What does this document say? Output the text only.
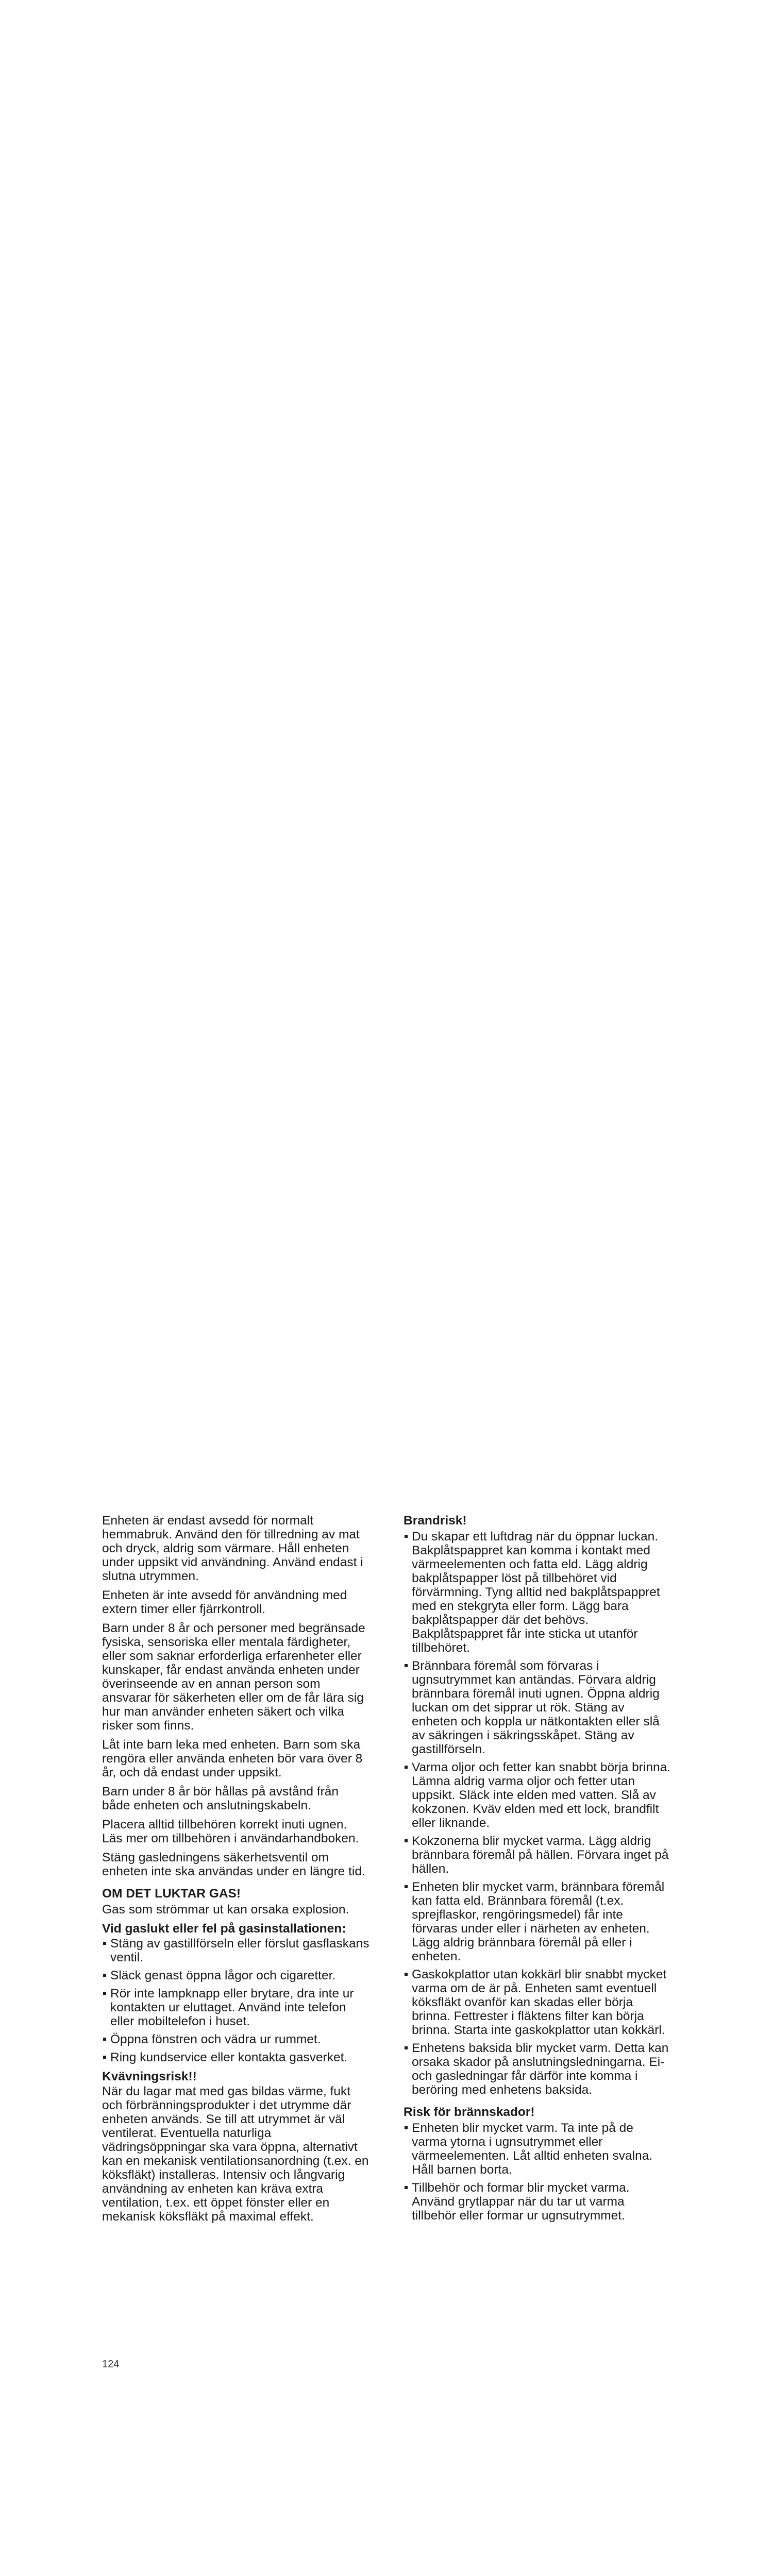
Enheten är endast avsedd för normalt hemmabruk. Använd den för tillredning av mat och dryck, aldrig som värmare. Håll enheten under uppsikt vid användning. Använd endast i slutna utrymmen.

Enheten är inte avsedd för användning med extern timer eller fjärrkontroll.

Barn under 8 år och personer med begränsade fysiska, sensoriska eller mentala färdigheter, eller som saknar erforderliga erfarenheter eller kunskaper, får endast använda enheten under överinseende av en annan person som ansvarar för säkerheten eller om de får lära sig hur man använder enheten säkert och vilka risker som finns.

Låt inte barn leka med enheten. Barn som ska rengöra eller använda enheten bör vara över 8 år, och då endast under uppsikt.

Barn under 8 år bör hållas på avstånd från både enheten och anslutningskabeln.

Placera alltid tillbehören korrekt inuti ugnen. Läs mer om tillbehören i användarhandboken.

Stäng gasledningens säkerhetsventil om enheten inte ska användas under en längre tid.

OM DET LUKTAR GAS!

Gas som strömmar ut kan orsaka explosion.

Vid gaslukt eller fel på gasinstallationen:
Stäng av gastillförseln eller förslut gasflaskans ventil.
Släck genast öppna lågor och cigaretter.
Rör inte lampknapp eller brytare, dra inte ur kontakten ur eluttaget. Använd inte telefon eller mobiltelefon i huset.
Öppna fönstren och vädra ur rummet.
Ring kundservice eller kontakta gasverket.
Kvävningsrisk!!

När du lagar mat med gas bildas värme, fukt och förbränningsprodukter i det utrymme där enheten används. Se till att utrymmet är väl ventilerat. Eventuella naturliga vädringsöppningar ska vara öppna, alternativt kan en mekanisk ventilationsanordning (t.ex. en köksfläkt) installeras. Intensiv och långvarig användning av enheten kan kräva extra ventilation, t.ex. ett öppet fönster eller en mekanisk köksfläkt på maximal effekt.

Brandrisk!
Du skapar ett luftdrag när du öppnar luckan. Bakplåtspappret kan komma i kontakt med värmeelementen och fatta eld. Lägg aldrig bakplåtspapper löst på tillbehöret vid förvärmning. Tyng alltid ned bakplåtspappret med en stekgryta eller form. Lägg bara bakplåtspapper där det behövs. Bakplåtspappret får inte sticka ut utanför tillbehöret.
Brännbara föremål som förvaras i ugnsutrymmet kan antändas. Förvara aldrig brännbara föremål inuti ugnen. Öppna aldrig luckan om det sipprar ut rök. Stäng av enheten och koppla ur nätkontakten eller slå av säkringen i säkringsskåpet. Stäng av gastillförseln.
Varma oljor och fetter kan snabbt börja brinna. Lämna aldrig varma oljor och fetter utan uppsikt. Släck inte elden med vatten. Slå av kokzonen. Kväv elden med ett lock, brandfilt eller liknande.
Kokzonerna blir mycket varma. Lägg aldrig brännbara föremål på hällen. Förvara inget på hällen.
Enheten blir mycket varm, brännbara föremål kan fatta eld. Brännbara föremål (t.ex. sprejflaskor, rengöringsmedel) får inte förvaras under eller i närheten av enheten. Lägg aldrig brännbara föremål på eller i enheten.
Gaskokplattor utan kokkärl blir snabbt mycket varma om de är på. Enheten samt eventuell köksfläkt ovanför kan skadas eller börja brinna. Fettrester i fläktens filter kan börja brinna. Starta inte gaskokplattor utan kokkärl.
Enhetens baksida blir mycket varm. Detta kan orsaka skador på anslutningsledningarna. Ei- och gasledningar får därför inte komma i beröring med enhetens baksida.
Risk för brännskador!
Enheten blir mycket varm. Ta inte på de varma ytorna i ugnsutrymmet eller värmeelementen. Låt alltid enheten svalna. Håll barnen borta.
Tillbehör och formar blir mycket varma. Använd grytlappar när du tar ut varma tillbehör eller formar ur ugnsutrymmet.
124
